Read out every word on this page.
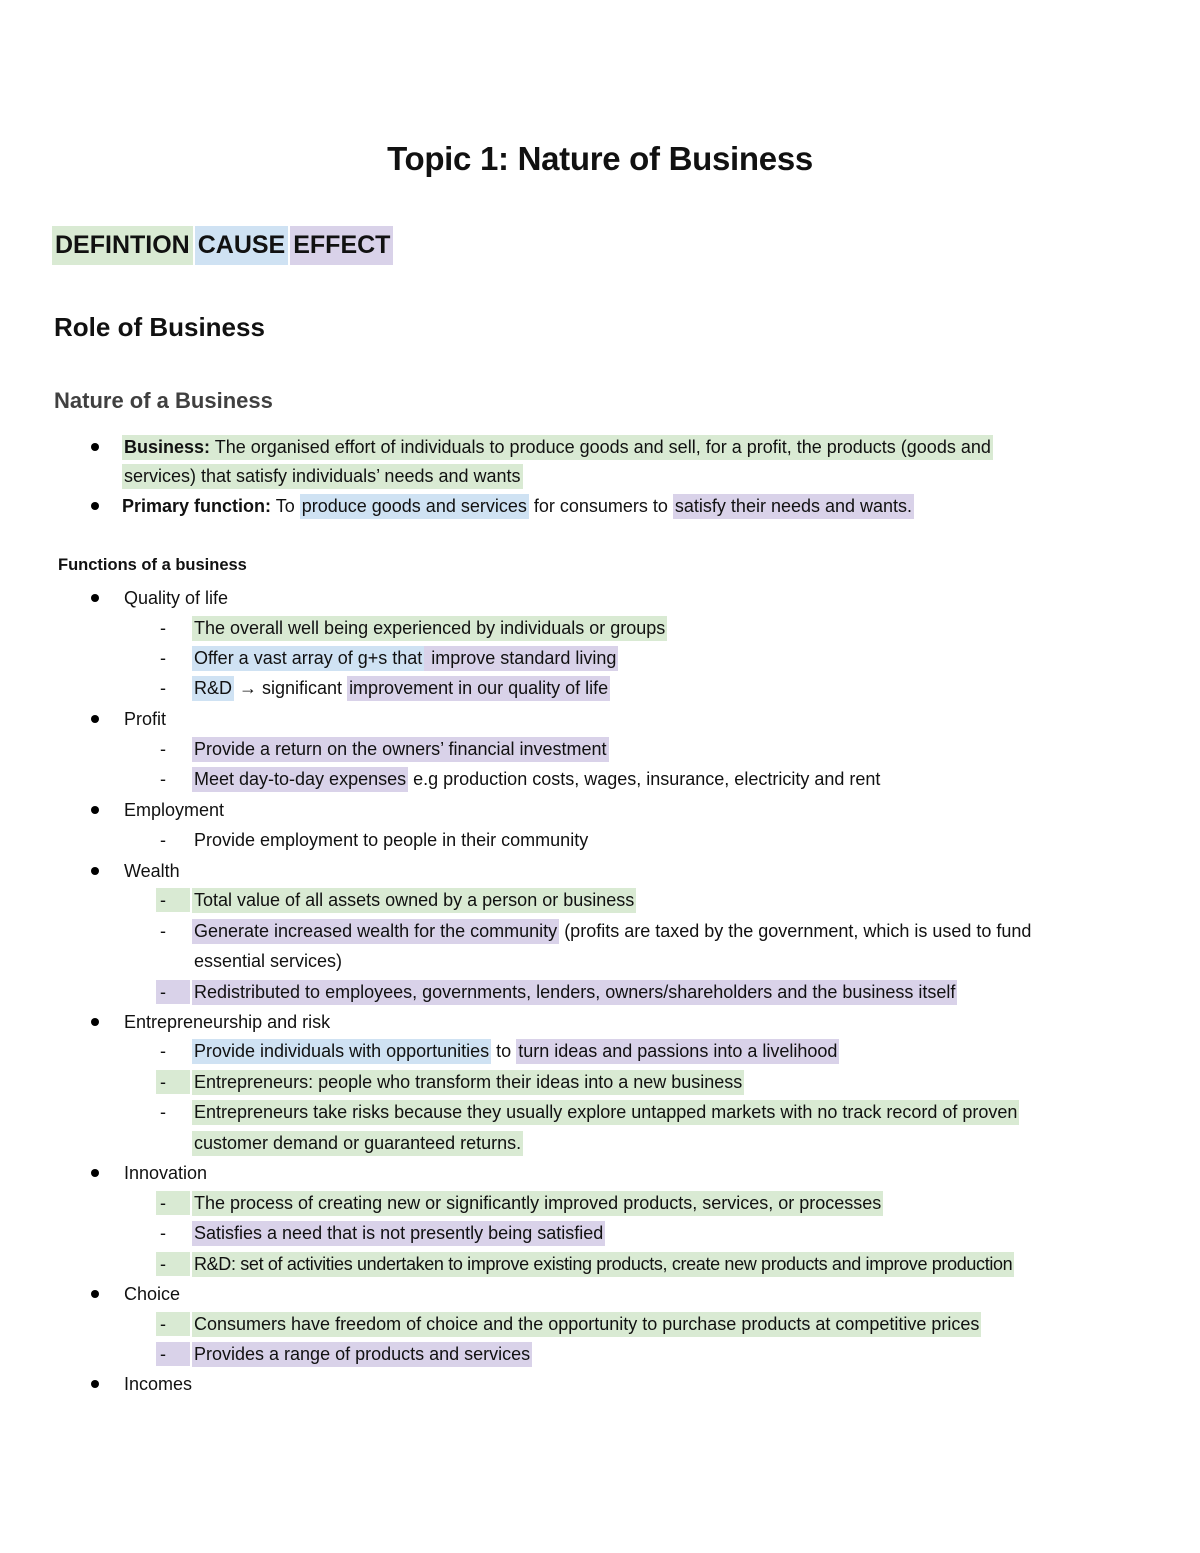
Topic 1: Nature of Business
DEFINTION CAUSE EFFECT
Role of Business
Nature of a Business
Business: The organised effort of individuals to produce goods and sell, for a profit, the products (goods and
services) that satisfy individuals’ needs and wants
Primary function: To produce goods and services for consumers to satisfy their needs and wants.
Functions of a business
Quality of life
- The overall well being experienced by individuals or groups
- Offer a vast array of g+s that improve standard living
- R&D → significant improvement in our quality of life
Profit
- Provide a return on the owners’ financial investment
- Meet day-to-day expenses e.g production costs, wages, insurance, electricity and rent
Employment
- Provide employment to people in their community
Wealth
- Total value of all assets owned by a person or business
- Generate increased wealth for the community (profits are taxed by the government, which is used to fund
essential services)
- Redistributed to employees, governments, lenders, owners/shareholders and the business itself
Entrepreneurship and risk
- Provide individuals with opportunities to turn ideas and passions into a livelihood
- Entrepreneurs: people who transform their ideas into a new business
- Entrepreneurs take risks because they usually explore untapped markets with no track record of proven
customer demand or guaranteed returns.
Innovation
- The process of creating new or significantly improved products, services, or processes
- Satisfies a need that is not presently being satisfied
- R&D: set of activities undertaken to improve existing products, create new products and improve production
Choice
- Consumers have freedom of choice and the opportunity to purchase products at competitive prices
- Provides a range of products and services
Incomes
